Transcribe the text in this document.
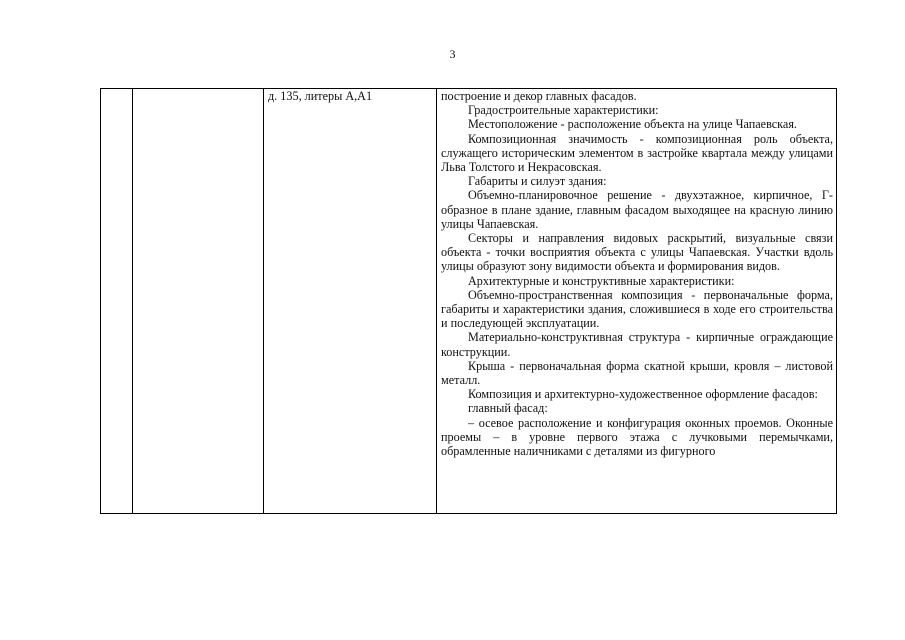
3

д. 135, литеры А,А1	построение и декор главных фасадов.

Градостроительные характеристики:

Местоположение - расположение объекта на улице Чапаевская.

Композиционная значимость - композиционная роль объекта, служащего историческим элементом в застройке квартала между улицами Льва Толстого и Некрасовская.

Габариты и силуэт здания:

Объемно-планировочное решение - двухэтажное, кирпичное, Г-образное в плане здание, главным фасадом выходящее на красную линию улицы Чапаевская.

Секторы и направления видовых раскрытий, визуальные связи объекта - точки восприятия объекта с улицы Чапаевская. Участки вдоль улицы образуют зону видимости объекта и формирования видов.

Архитектурные и конструктивные характеристики:

Объемно-пространственная композиция - первоначальные форма, габариты и характеристики здания, сложившиеся в ходе его строительства и последующей эксплуатации.

Материально-конструктивная структура - кирпичные ограждающие конструкции.

Крыша - первоначальная форма скатной крыши, кровля – листовой металл.

Композиция и архитектурно-художественное оформление фасадов:

главный фасад:

– осевое расположение и конфигурация оконных проемов. Оконные проемы – в уровне первого этажа с лучковыми перемычками, обрамленные наличниками с деталями из фигурного
